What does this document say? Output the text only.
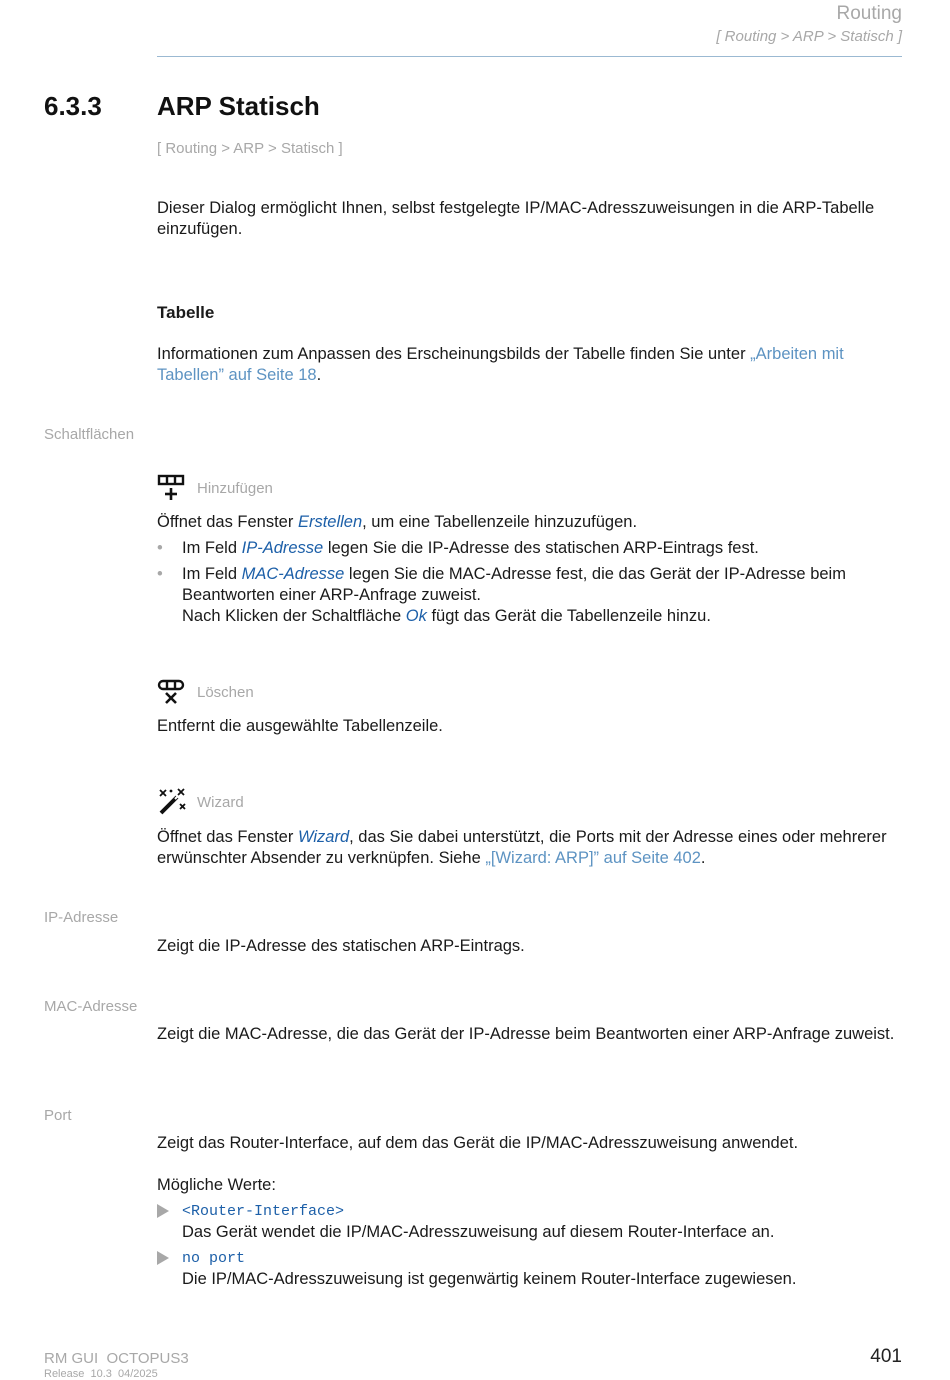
Routing
[ Routing > ARP > Statisch ]
6.3.3 ARP Statisch
[ Routing > ARP > Statisch ]
Dieser Dialog ermöglicht Ihnen, selbst festgelegte IP/MAC-Adresszuweisungen in die ARP-Tabelle einzufügen.
Tabelle
Informationen zum Anpassen des Erscheinungsbilds der Tabelle finden Sie unter „Arbeiten mit Tabellen” auf Seite 18.
Schaltflächen
Hinzufügen
Öffnet das Fenster Erstellen, um eine Tabellenzeile hinzuzufügen.
• Im Feld IP-Adresse legen Sie die IP-Adresse des statischen ARP-Eintrags fest.
• Im Feld MAC-Adresse legen Sie die MAC-Adresse fest, die das Gerät der IP-Adresse beim Beantworten einer ARP-Anfrage zuweist.
Nach Klicken der Schaltfläche Ok fügt das Gerät die Tabellenzeile hinzu.
Löschen
Entfernt die ausgewählte Tabellenzeile.
Wizard
Öffnet das Fenster Wizard, das Sie dabei unterstützt, die Ports mit der Adresse eines oder mehrerer erwünschter Absender zu verknüpfen. Siehe „[Wizard: ARP]” auf Seite 402.
IP-Adresse
Zeigt die IP-Adresse des statischen ARP-Eintrags.
MAC-Adresse
Zeigt die MAC-Adresse, die das Gerät der IP-Adresse beim Beantworten einer ARP-Anfrage zuweist.
Port
Zeigt das Router-Interface, auf dem das Gerät die IP/MAC-Adresszuweisung anwendet.
Mögliche Werte:
<Router-Interface>
Das Gerät wendet die IP/MAC-Adresszuweisung auf diesem Router-Interface an.
no port
Die IP/MAC-Adresszuweisung ist gegenwärtig keinem Router-Interface zugewiesen.
RM GUI  OCTOPUS3
Release  10.3  04/2025
401
